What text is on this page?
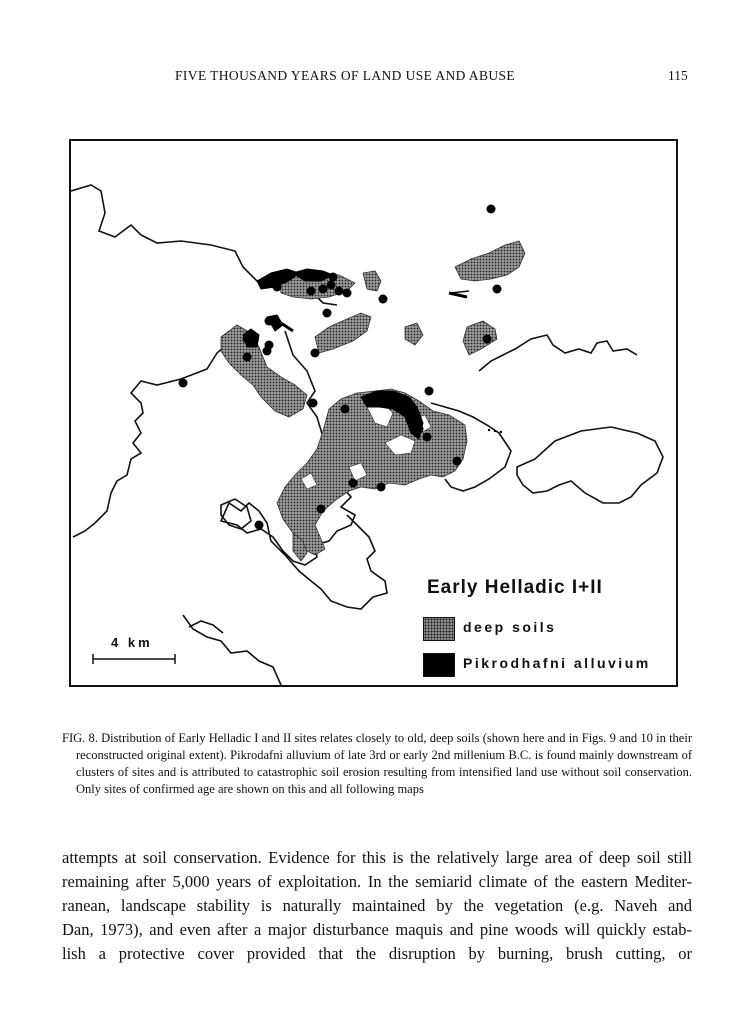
FIVE THOUSAND YEARS OF LAND USE AND ABUSE	115
4 km
Early Helladic I+II
deep soils
Pikrodhafni alluvium
FIG. 8. Distribution of Early Helladic I and II sites relates closely to old, deep soils (shown here and in Figs. 9 and 10 in their reconstructed original extent). Pikrodafni alluvium of late 3rd or early 2nd millenium B.C. is found mainly downstream of clusters of sites and is attributed to catastrophic soil erosion resulting from intensified land use without soil conservation. Only sites of confirmed age are shown on this and all following maps
attempts at soil conservation. Evidence for this is the relatively large area of deep soil still
remaining after 5,000 years of exploitation. In the semiarid climate of the eastern Mediter-
ranean, landscape stability is naturally maintained by the vegetation (e.g. Naveh and
Dan, 1973), and even after a major disturbance maquis and pine woods will quickly estab-
lish a protective cover provided that the disruption by burning, brush cutting, or
